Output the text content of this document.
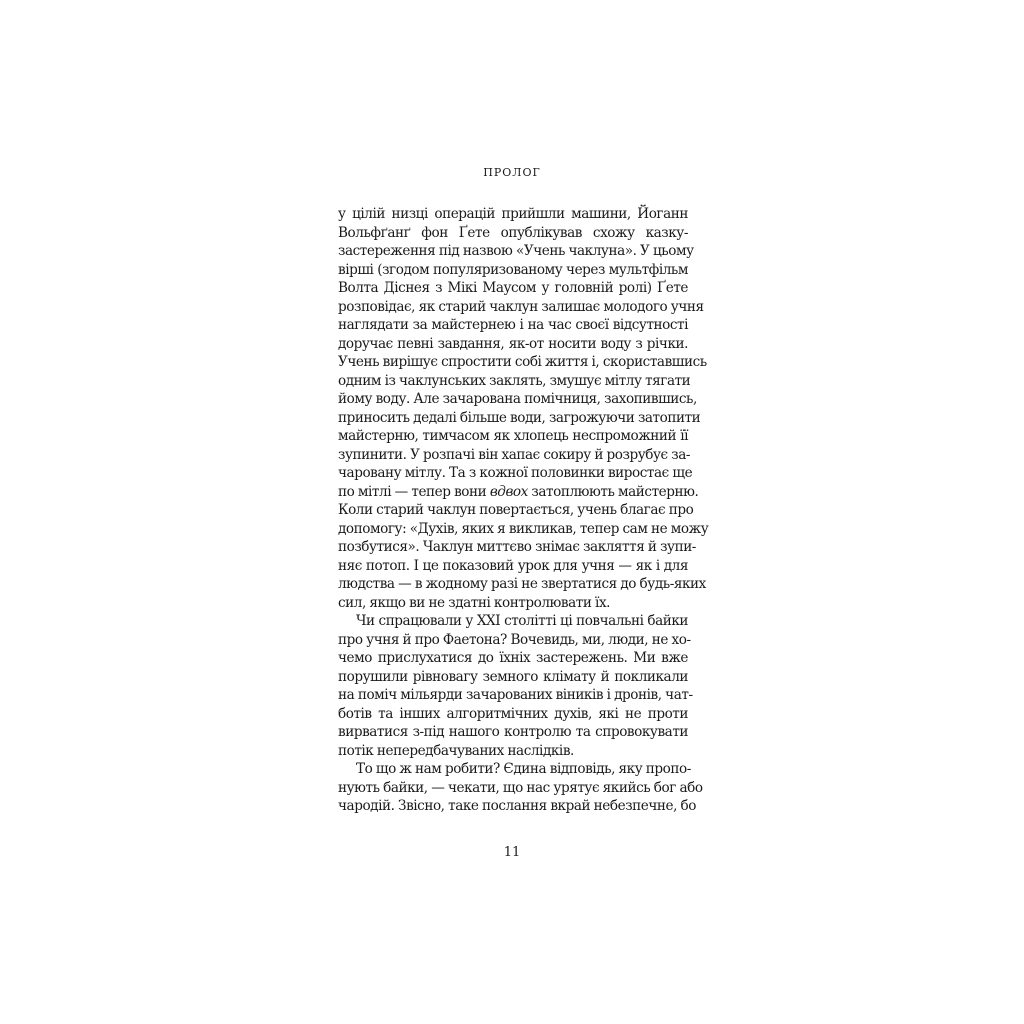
ПРОЛОГ
у цілій низці операцій прийшли машини, Йоганн
Вольфґанґ фон Ґете опублікував схожу казку-
застереження під назвою «Учень чаклуна». У цьому
вірші (згодом популяризованому через мультфільм
Волта Діснея з Мікі Маусом у головній ролі) Ґете
розповідає, як старий чаклун залишає молодого учня
наглядати за майстернею і на час своєї відсутності
доручає певні завдання, як-от носити воду з річки.
Учень вирішує спростити собі життя і, скориставшись
одним із чаклунських заклять, змушує мітлу тягати
йому воду. Але зачарована помічниця, захопившись,
приносить дедалі більше води, загрожуючи затопити
майстерню, тимчасом як хлопець неспроможний її
зупинити. У розпачі він хапає сокиру й розрубує за-
чаровану мітлу. Та з кожної половинки виростає ще
по мітлі — тепер вони вдвох затоплюють майстерню.
Коли старий чаклун повертається, учень благає про
допомогу: «Духів, яких я викликав, тепер сам не можу
позбутися». Чаклун миттєво знімає закляття й зупи-
няє потоп. І це показовий урок для учня — як і для
людства — в жодному разі не звертатися до будь-яких
сил, якщо ви не здатні контролювати їх.
Чи спрацювали у XXI столітті ці повчальні байки
про учня й про Фаетона? Вочевидь, ми, люди, не хо-
чемо прислухатися до їхніх застережень. Ми вже
порушили рівновагу земного клімату й покликали
на поміч мільярди зачарованих віників і дронів, чат-
ботів та інших алгоритмічних духів, які не проти
вирватися з-під нашого контролю та спровокувати
потік непередбачуваних наслідків.
То що ж нам робити? Єдина відповідь, яку пропо-
нують байки, — чекати, що нас урятує якийсь бог або
чародій. Звісно, таке послання вкрай небезпечне, бо
11
